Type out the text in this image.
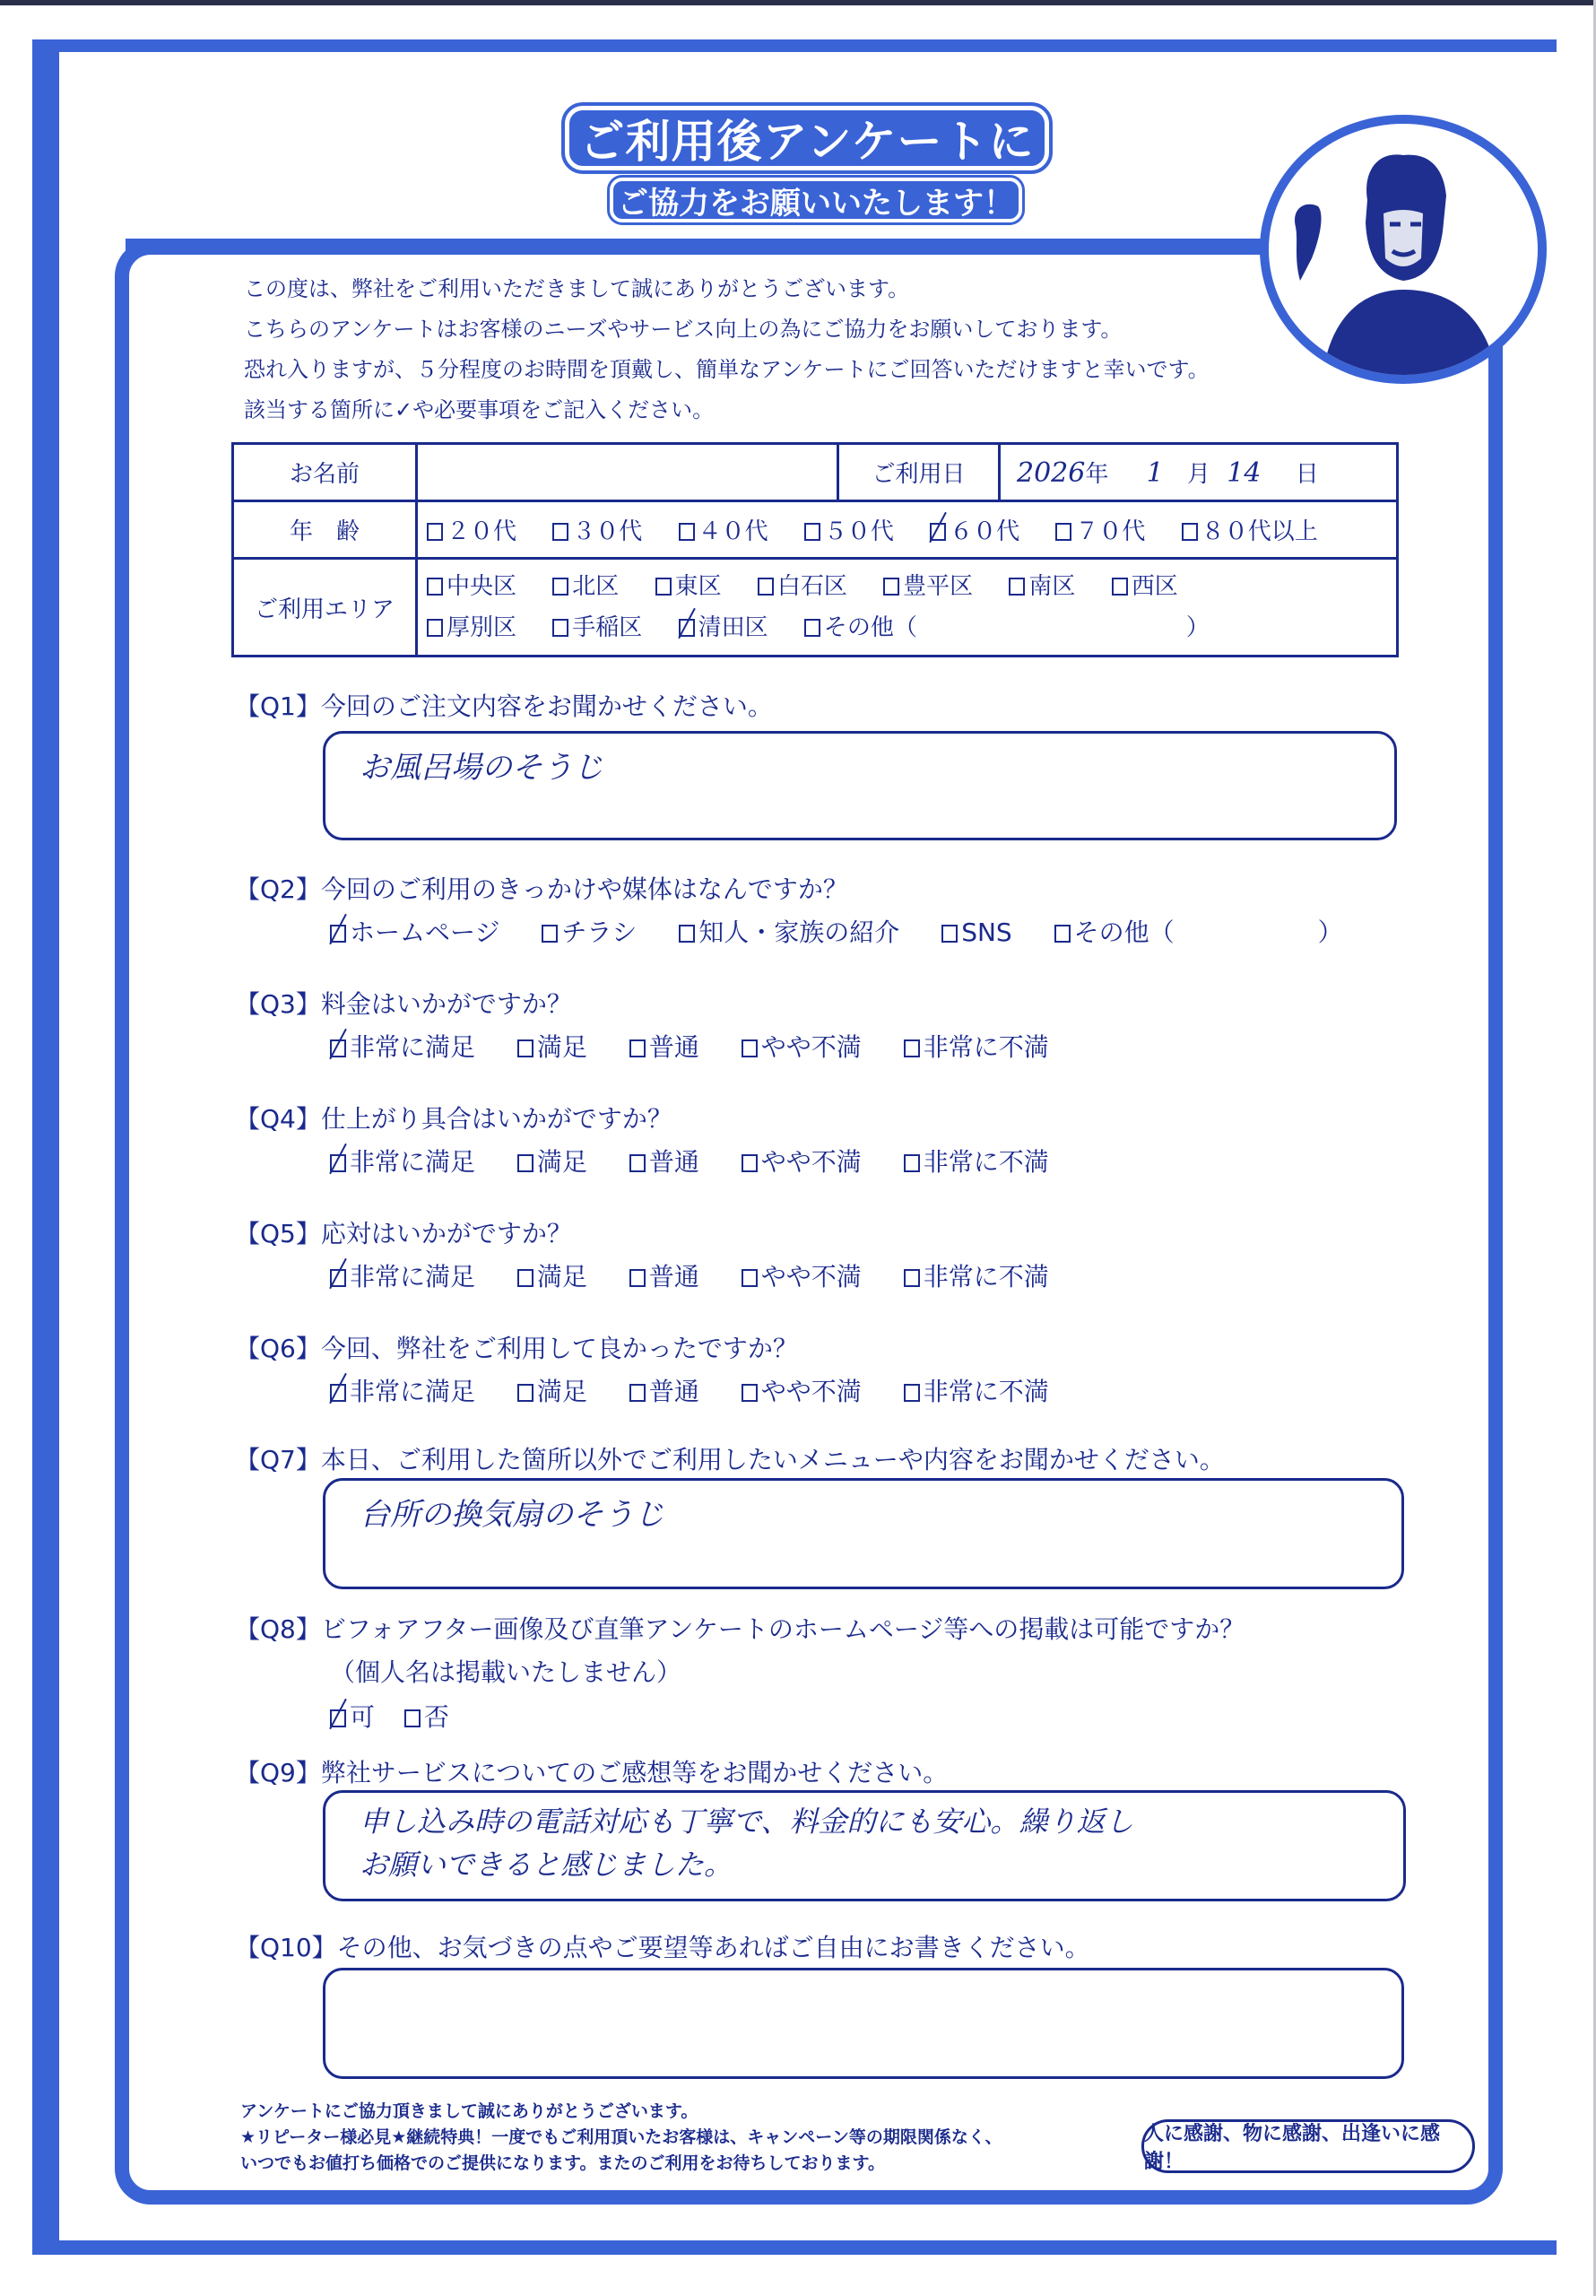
ご利用後アンケートに
ご協力をお願いいたします！

この度は、弊社をご利用いただきまして誠にありがとうございます。

こちらのアンケートはお客様のニーズやサービス向上の為にご協力をお願いしております。

恐れ入りますが、５分程度のお時間を頂戴し、簡単なアンケートにご回答いただけますと幸いです。

該当する箇所に✓や必要事項をご記入ください。

お名前		ご利用日	2026年 1 月 14 日
年　齢	２０代 ３０代 ４０代 ５０代 ６０代 ７０代 ８０代以上		
ご利用エリア	中央区 北区 東区 白石区 豊平区 南区 西区
厚別区 手稲区 清田区 その他（ ）		
【Q1】今回のご注文内容をお聞かせください。
お風呂場のそうじ
【Q2】今回のご利用のきっかけや媒体はなんですか？
ホームページ チラシ 知人・家族の紹介 SNS その他（	）
【Q3】料金はいかがですか？
非常に満足 満足 普通 やや不満 非常に不満
【Q4】仕上がり具合はいかがですか？
非常に満足 満足 普通 やや不満 非常に不満
【Q5】応対はいかがですか？
非常に満足 満足 普通 やや不満 非常に不満
【Q6】今回、弊社をご利用して良かったですか？
非常に満足 満足 普通 やや不満 非常に不満
【Q7】本日、ご利用した箇所以外でご利用したいメニューや内容をお聞かせください。
台所の換気扇のそうじ
【Q8】ビフォアフター画像及び直筆アンケートのホームページ等への掲載は可能ですか？
（個人名は掲載いたしません）
可 否
【Q9】弊社サービスについてのご感想等をお聞かせください。
申し込み時の電話対応も丁寧で、料金的にも安心。繰り返し
お願いできると感じました。
【Q10】その他、お気づきの点やご要望等あればご自由にお書きください。
アンケートにご協力頂きまして誠にありがとうございます。
★リピーター様必見★継続特典！一度でもご利用頂いたお客様は、キャンペーン等の期限関係なく、
いつでもお値打ち価格でのご提供になります。またのご利用をお待ちしております。
人に感謝、物に感謝、出逢いに感謝！
